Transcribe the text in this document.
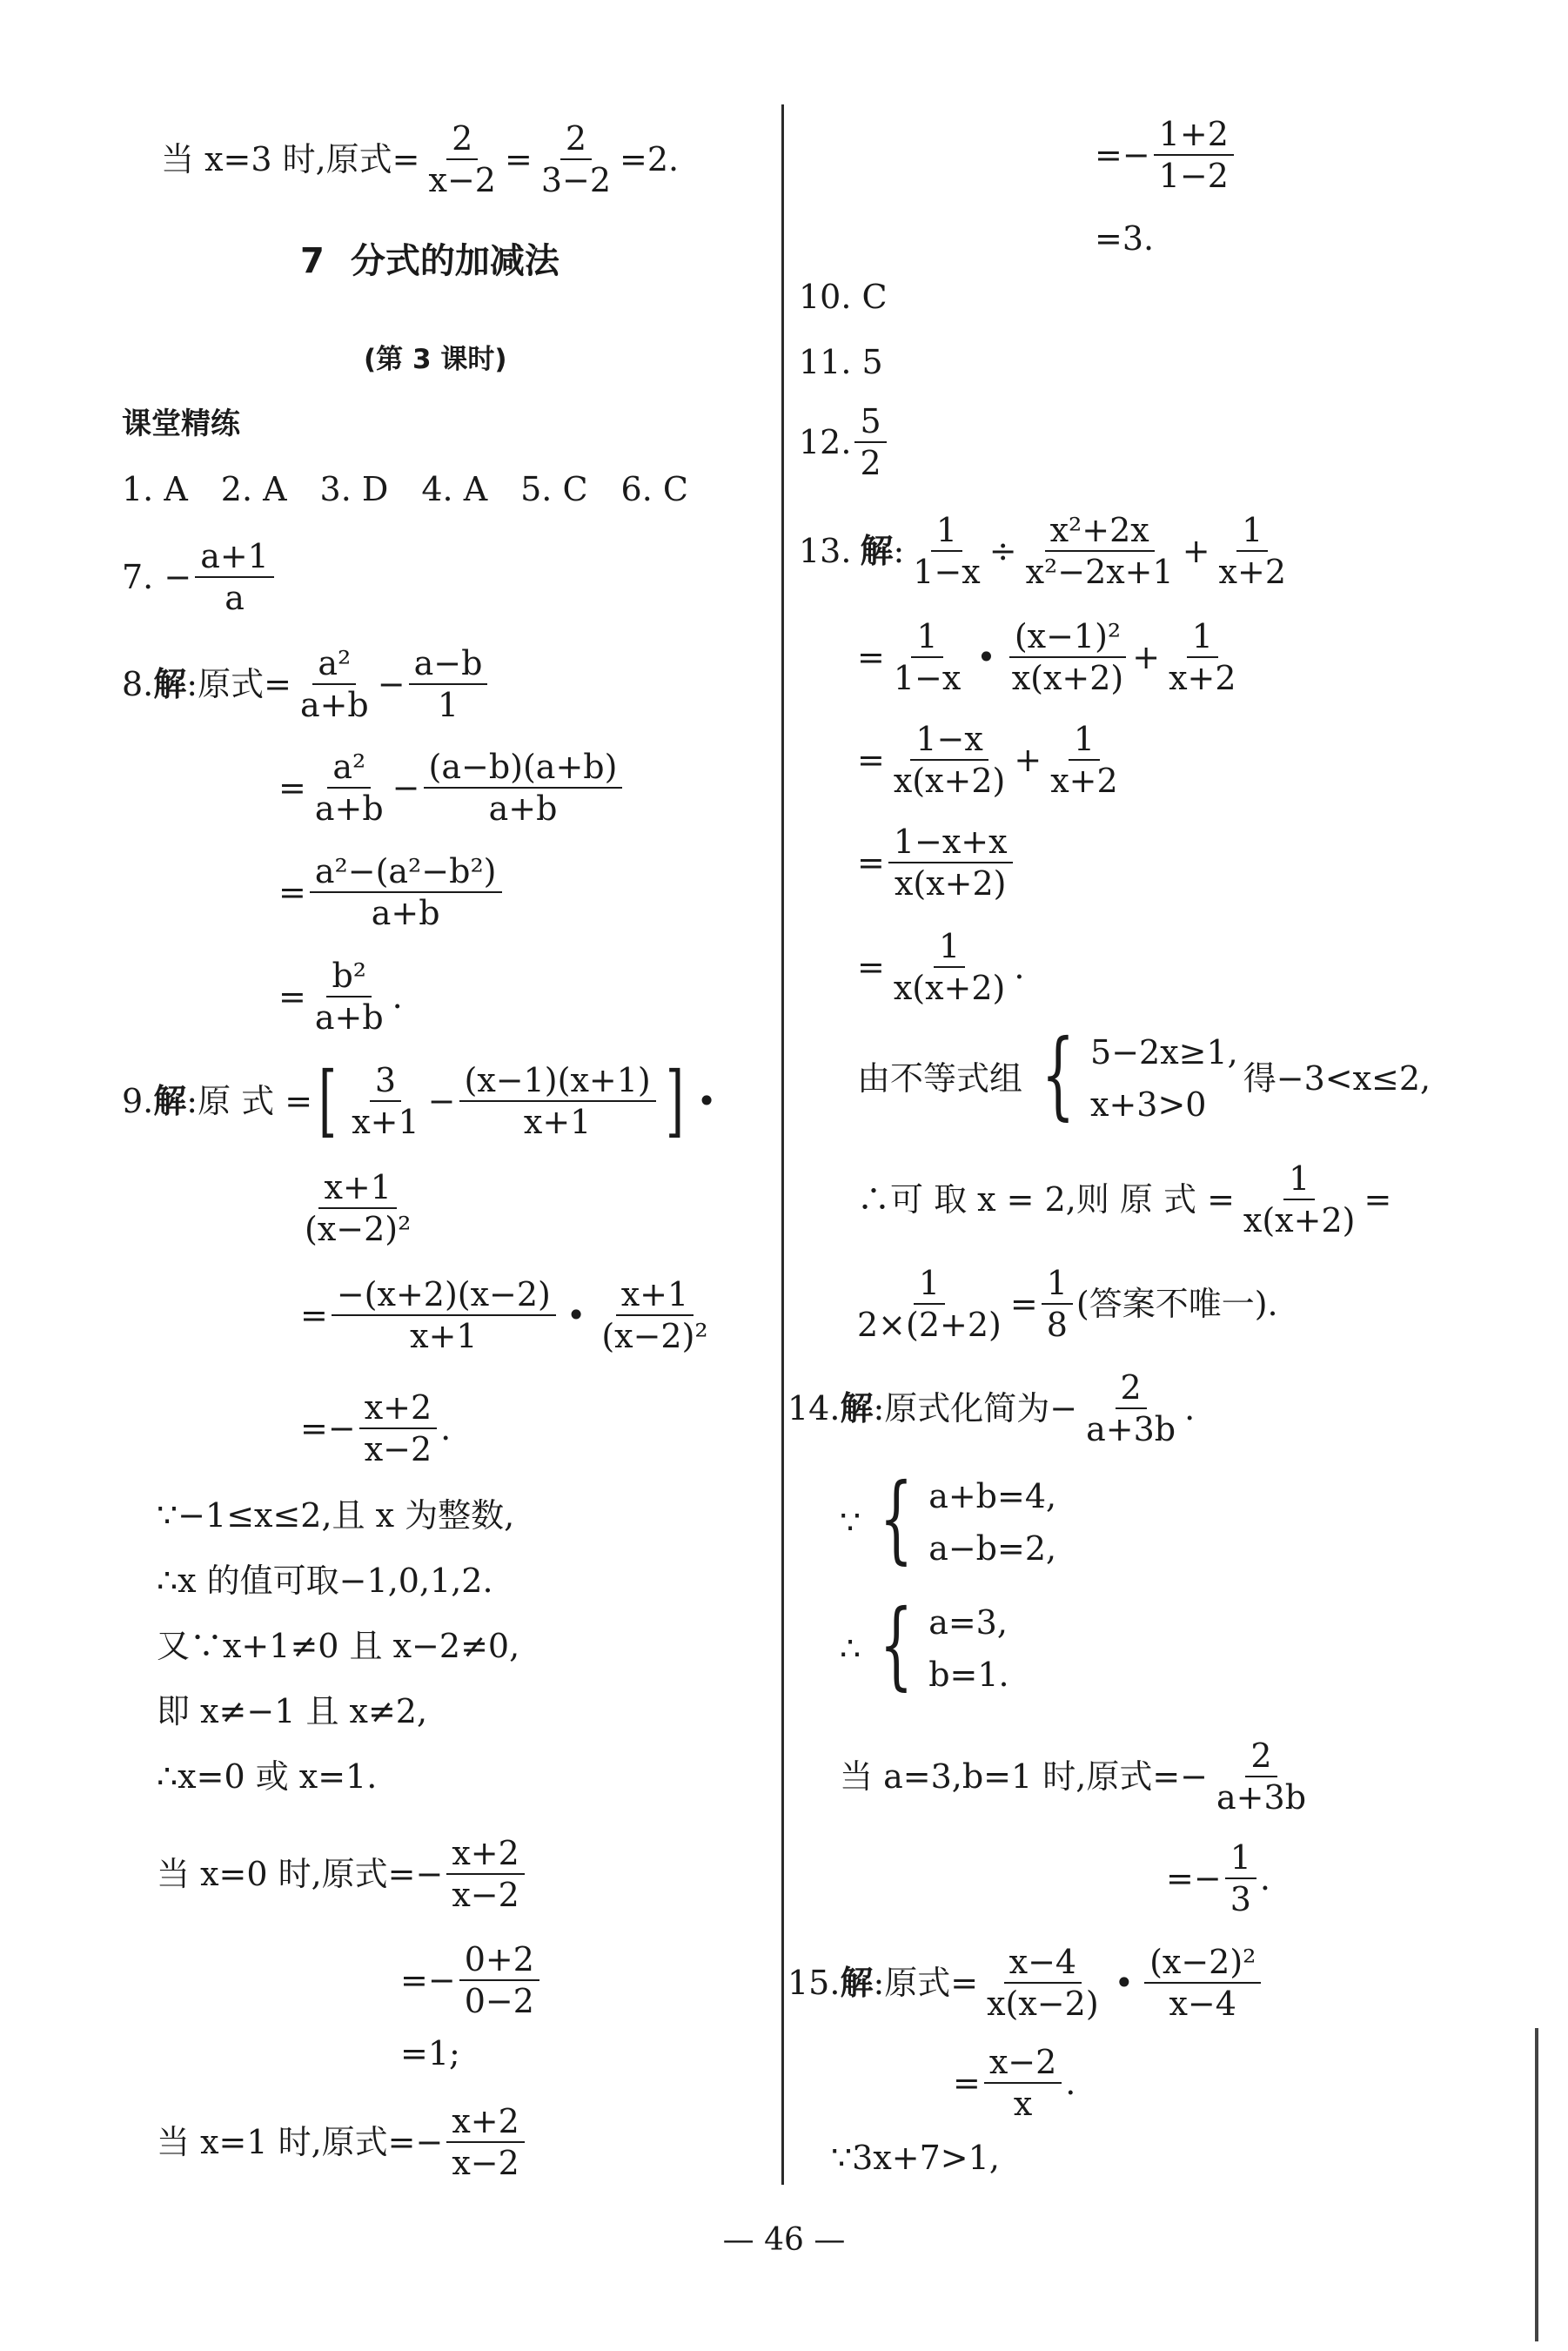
当 x=3 时,原式= $\frac{2}{x-2} = \frac{2}{3-2} =2$.
7 分式的加减法
(第 3 课时)
课堂精练
1. A　2. A　3. D　4. A　5. C　6. C
7. − $\frac{a+1}{a}$
8. 解 :原式= $\frac{\text{a²}}{a+b} - \frac{a-b}{1}$
= $\frac{\text{a²}}{a+b} - \frac{(a-b)(a+b)}{a+b}$
= $\frac{\text{a²−(a²−b²)}}{a+b}$
= $\frac{\text{b²}}{a+b}$ .
9. 解 :原 式 = [ $\frac{3}{x+1} - \frac{(x-1)(x+1)}{x+1}$ ] •
$\frac{x+1}{\text{(x−2)²}}$
= $\frac{-(x+2)(x-2)}{x+1}$ • $\frac{x+1}{\text{(x−2)²}}$
=− $\frac{x+2}{x-2}$ .
∵−1≤x≤2,且 x 为整数,
∴x 的值可取−1,0,1,2.
又∵x+1≠0 且 x−2≠0,
即 x≠−1 且 x≠2,
∴x=0 或 x=1.
当 x=0 时,原式=− $\frac{x+2}{x-2}$
=− $\frac{0+2}{0-2}$
=1;
当 x=1 时,原式=− $\frac{x+2}{x-2}$
=− $\frac{1+2}{1-2}$
=3.
10. C
11. 5
12. $\frac{5}{2}$
13. 解 : $\frac{1}{1-x} \div \frac{\text{x²+2x}}{\text{x²−2x+1}} + \frac{1}{x+2}$
= $\frac{1}{1-x}$ • $\frac{\text{(x−1)²}}{x(x+2)} + \frac{1}{x+2}$
= $\frac{1-x}{x(x+2)} + \frac{1}{x+2}$
= $\frac{1-x+x}{x(x+2)}$
= $\frac{1}{x(x+2)}$ .
由不等式组 { 5−2x≥1,
x+3>0
得−3<x≤2,
∴可 取 x = 2,则 原 式 = $\frac{1}{x(x+2)}$ =
$\frac{1}{2\times(2+2)} = \frac{1}{8}$ (答案不唯一).
14. 解 :原式化简为− $\frac{2}{a+3b}$ .
∵ { a+b=4,
a−b=2,
∴ { a=3,
b=1.
当 a=3,b=1 时,原式=− $\frac{2}{a+3b}$
=− $\frac{1}{3}$ .
15. 解 :原式= $\frac{x-4}{x(x-2)}$ • $\frac{\text{(x−2)²}}{x-4}$
= $\frac{x-2}{x}$ .
∵3x+7>1,
— 46 —
